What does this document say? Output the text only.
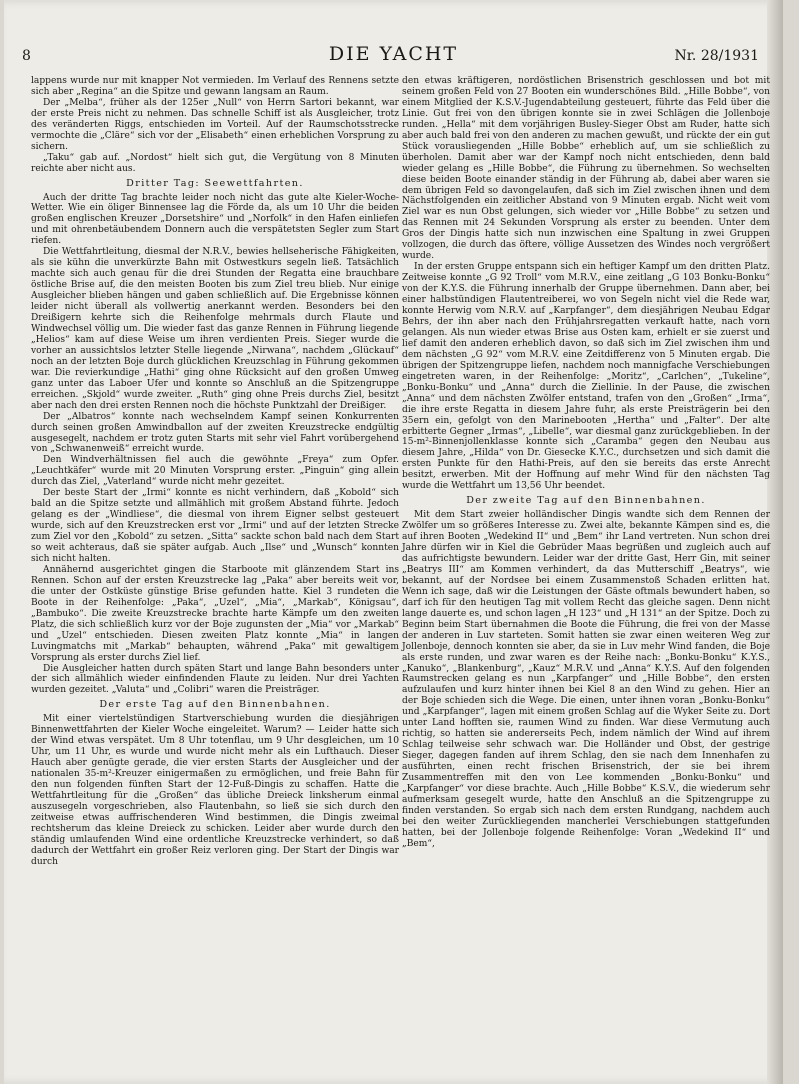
8	DIE YACHT	Nr. 28/1931

lappens wurde nur mit knapper Not vermieden. Im Verlauf des Rennens setzte sich aber „Regina“ an die Spitze und gewann langsam an Raum.

Der „Melba“, früher als der 125er „Null“ von Herrn Sartori bekannt, war der erste Preis nicht zu nehmen. Das schnelle Schiff ist als Ausgleicher, trotz des veränderten Riggs, entschieden im Vorteil. Auf der Raumschotsstrecke vermochte die „Cläre“ sich vor der „Elisabeth“ einen erheblichen Vorsprung zu sichern.

„Taku“ gab auf. „Nordost“ hielt sich gut, die Vergütung von 8 Minuten reichte aber nicht aus.

Dritter Tag: Seewettfahrten.

Auch der dritte Tag brachte leider noch nicht das gute alte Kieler-Woche-Wetter. Wie ein öliger Binnensee lag die Förde da, als um 10 Uhr die beiden großen englischen Kreuzer „Dorsetshire“ und „Norfolk“ in den Hafen einliefen und mit ohrenbetäubendem Donnern auch die verspätetsten Segler zum Start riefen.

Die Wettfahrtleitung, diesmal der N.R.V., bewies hellseherische Fähigkeiten, als sie kühn die unverkürzte Bahn mit Ostwestkurs segeln ließ. Tatsächlich machte sich auch genau für die drei Stunden der Regatta eine brauchbare östliche Brise auf, die den meisten Booten bis zum Ziel treu blieb. Nur einige Ausgleicher blieben hängen und gaben schließlich auf. Die Ergebnisse können leider nicht überall als vollwertig anerkannt werden. Besonders bei den Dreißigern kehrte sich die Reihenfolge mehrmals durch Flaute und Windwechsel völlig um. Die wieder fast das ganze Rennen in Führung liegende „Helios“ kam auf diese Weise um ihren verdienten Preis. Sieger wurde die vorher an aussichtslos letzter Stelle liegende „Nirwana“, nachdem „Glückauf“ noch an der letzten Boje durch glücklichen Kreuzschlag in Führung gekommen war. Die revierkundige „Hathi“ ging ohne Rücksicht auf den großen Umweg ganz unter das Laboer Ufer und konnte so Anschluß an die Spitzengruppe erreichen. „Skjold“ wurde zweiter. „Ruth“ ging ohne Preis durchs Ziel, besitzt aber nach den drei ersten Rennen noch die höchste Punktzahl der Dreißiger.

Der „Albatros“ konnte nach wechselndem Kampf seinen Konkurrenten durch seinen großen Amwindballon auf der zweiten Kreuzstrecke endgültig ausgesegelt, nachdem er trotz guten Starts mit sehr viel Fahrt vorübergehend von „Schwanenweiß“ erreicht wurde.

Den Windverhältnissen fiel auch die gewöhnte „Freya“ zum Opfer. „Leuchtkäfer“ wurde mit 20 Minuten Vorsprung erster. „Pinguin“ ging allein durch das Ziel, „Vaterland“ wurde nicht mehr gezeitet.

Der beste Start der „Irmi“ konnte es nicht verhindern, daß „Kobold“ sich bald an die Spitze setzte und allmählich mit großem Abstand führte. Jedoch gelang es der „Windliese“, die diesmal von ihrem Eigner selbst gesteuert wurde, sich auf den Kreuzstrecken erst vor „Irmi“ und auf der letzten Strecke zum Ziel vor den „Kobold“ zu setzen. „Sitta“ sackte schon bald nach dem Start so weit achteraus, daß sie später aufgab. Auch „Ilse“ und „Wunsch“ konnten sich nicht halten.

Annähernd ausgerichtet gingen die Starboote mit glänzendem Start ins Rennen. Schon auf der ersten Kreuzstrecke lag „Paka“ aber bereits weit vor, die unter der Ostküste günstige Brise gefunden hatte. Kiel 3 rundeten die Boote in der Reihenfolge: „Paka“, „Uzel“, „Mia“, „Markab“, Königsau“, „Bambuko“. Die zweite Kreuzstrecke brachte harte Kämpfe um den zweiten Platz, die sich schließlich kurz vor der Boje zugunsten der „Mia“ vor „Markab“ und „Uzel“ entschieden. Diesen zweiten Platz konnte „Mia“ in langen Luvingmatchs mit „Markab“ behaupten, während „Paka“ mit gewaltigem Vorsprung als erster durchs Ziel lief.

Die Ausgleicher hatten durch späten Start und lange Bahn besonders unter der sich allmählich wieder einfindenden Flaute zu leiden. Nur drei Yachten wurden gezeitet. „Valuta“ und „Colibri“ waren die Preisträger.

Der erste Tag auf den Binnenbahnen.

Mit einer viertelstündigen Startverschiebung wurden die diesjährigen Binnenwettfahrten der Kieler Woche eingeleitet. Warum? — Leider hatte sich der Wind etwas verspätet. Um 8 Uhr totenflau, um 9 Uhr desgleichen, um 10 Uhr, um 11 Uhr, es wurde und wurde nicht mehr als ein Lufthauch. Dieser Hauch aber genügte gerade, die vier ersten Starts der Ausgleicher und der nationalen 35-m²-Kreuzer einigermaßen zu ermöglichen, und freie Bahn für den nun folgenden fünften Start der 12-Fuß-Dingis zu schaffen. Hatte die Wettfahrtleitung für die „Großen“ das übliche Dreieck linksherum einmal auszusegeln vorgeschrieben, also Flautenbahn, so ließ sie sich durch den zeitweise etwas auffrischenderen Wind bestimmen, die Dingis zweimal rechtsherum das kleine Dreieck zu schicken. Leider aber wurde durch den ständig umlaufenden Wind eine ordentliche Kreuzstrecke verhindert, so daß dadurch der Wettfahrt ein großer Reiz verloren ging. Der Start der Dingis war durch

den etwas kräftigeren, nordöstlichen Brisenstrich geschlossen und bot mit seinem großen Feld von 27 Booten ein wunderschönes Bild. „Hille Bobbe“, von einem Mitglied der K.S.V.-Jugendabteilung gesteuert, führte das Feld über die Linie. Gut frei von den übrigen konnte sie in zwei Schlägen die Jollenboje runden. „Hella“ mit dem vorjährigen Busley-Sieger Obst am Ruder, hatte sich aber auch bald frei von den anderen zu machen gewußt, und rückte der ein gut Stück vorausliegenden „Hille Bobbe“ erheblich auf, um sie schließlich zu überholen. Damit aber war der Kampf noch nicht entschieden, denn bald wieder gelang es „Hille Bobbe“, die Führung zu übernehmen. So wechselten diese beiden Boote einander ständig in der Führung ab, dabei aber waren sie dem übrigen Feld so davongelaufen, daß sich im Ziel zwischen ihnen und dem Nächstfolgenden ein zeitlicher Abstand von 9 Minuten ergab. Nicht weit vom Ziel war es nun Obst gelungen, sich wieder vor „Hille Bobbe“ zu setzen und das Rennen mit 24 Sekunden Vorsprung als erster zu beenden. Unter dem Gros der Dingis hatte sich nun inzwischen eine Spaltung in zwei Gruppen vollzogen, die durch das öftere, völlige Aussetzen des Windes noch vergrößert wurde.

In der ersten Gruppe entspann sich ein heftiger Kampf um den dritten Platz. Zeitweise konnte „G 92 Troll“ vom M.R.V., eine zeitlang „G 103 Bonku-Bonku“ von der K.Y.S. die Führung innerhalb der Gruppe übernehmen. Dann aber, bei einer halbstündigen Flautentreiberei, wo von Segeln nicht viel die Rede war, konnte Herwig vom N.R.V. auf „Karpfanger“, dem diesjährigen Neubau Edgar Behrs, der ihn aber nach den Frühjahrsregatten verkauft hatte, nach vorn gelangen. Als nun wieder etwas Brise aus Osten kam, erhielt er sie zuerst und lief damit den anderen erheblich davon, so daß sich im Ziel zwischen ihm und dem nächsten „G 92“ vom M.R.V. eine Zeitdifferenz von 5 Minuten ergab. Die übrigen der Spitzengruppe liefen, nachdem noch mannigfache Verschiebungen eingetreten waren, in der Reihenfolge: „Moritz“, „Carlchen“, „Tukeline“, „Bonku-Bonku“ und „Anna“ durch die Ziellinie. In der Pause, die zwischen „Anna“ und dem nächsten Zwölfer entstand, trafen von den „Großen“ „Irma“, die ihre erste Regatta in diesem Jahre fuhr, als erste Preisträgerin bei den 35ern ein, gefolgt von den Marinebooten „Hertha“ und „Falter“. Der alte erbitterte Gegner „Irmas“, „Libelle“, war diesmal ganz zurückgeblieben. In der 15-m²-Binnenjollenklasse konnte sich „Caramba“ gegen den Neubau aus diesem Jahre, „Hilda“ von Dr. Giesecke K.Y.C., durchsetzen und sich damit die ersten Punkte für den Hathi-Preis, auf den sie bereits das erste Anrecht besitzt, erwerben. Mit der Hoffnung auf mehr Wind für den nächsten Tag wurde die Wettfahrt um 13,56 Uhr beendet.

Der zweite Tag auf den Binnenbahnen.

Mit dem Start zweier holländischer Dingis wandte sich dem Rennen der Zwölfer um so größeres Interesse zu. Zwei alte, bekannte Kämpen sind es, die auf ihren Booten „Wedekind II“ und „Bem“ ihr Land vertreten. Nun schon drei Jahre dürfen wir in Kiel die Gebrüder Maas begrüßen und zugleich auch auf das aufrichtigste bewundern. Leider war der dritte Gast, Herr Gin, mit seiner „Beatrys III“ am Kommen verhindert, da das Mutterschiff „Beatrys“, wie bekannt, auf der Nordsee bei einem Zusammenstoß Schaden erlitten hat. Wenn ich sage, daß wir die Leistungen der Gäste oftmals bewundert haben, so darf ich für den heutigen Tag mit vollem Recht das gleiche sagen. Denn nicht lange dauerte es, und schon lagen „H 123“ und „H 131“ an der Spitze. Doch zu Beginn beim Start übernahmen die Boote die Führung, die frei von der Masse der anderen in Luv starteten. Somit hatten sie zwar einen weiteren Weg zur Jollenboje, dennoch konnten sie aber, da sie in Luv mehr Wind fanden, die Boje als erste runden, und zwar waren es der Reihe nach: „Bonku-Bonku“ K.Y.S., „Kanuko“, „Blankenburg“, „Kauz“ M.R.V. und „Anna“ K.Y.S. Auf den folgenden Raumstrecken gelang es nun „Karpfanger“ und „Hille Bobbe“, den ersten aufzulaufen und kurz hinter ihnen bei Kiel 8 an den Wind zu gehen. Hier an der Boje schieden sich die Wege. Die einen, unter ihnen voran „Bonku-Bonku“ und „Karpfanger“, lagen mit einem großen Schlag auf die Wyker Seite zu. Dort unter Land hofften sie, raumen Wind zu finden. War diese Vermutung auch richtig, so hatten sie andererseits Pech, indem nämlich der Wind auf ihrem Schlag teilweise sehr schwach war. Die Holländer und Obst, der gestrige Sieger, dagegen fanden auf ihrem Schlag, den sie nach dem Innenhafen zu ausführten, einen recht frischen Brisenstrich, der sie bei ihrem Zusammentreffen mit den von Lee kommenden „Bonku-Bonku“ und „Karpfanger“ vor diese brachte. Auch „Hille Bobbe“ K.S.V., die wiederum sehr aufmerksam gesegelt wurde, hatte den Anschluß an die Spitzengruppe zu finden verstanden. So ergab sich nach dem ersten Rundgang, nachdem auch bei den weiter Zurückliegenden mancherlei Verschiebungen stattgefunden hatten, bei der Jollenboje folgende Reihenfolge: Voran „Wedekind II“ und „Bem“,
